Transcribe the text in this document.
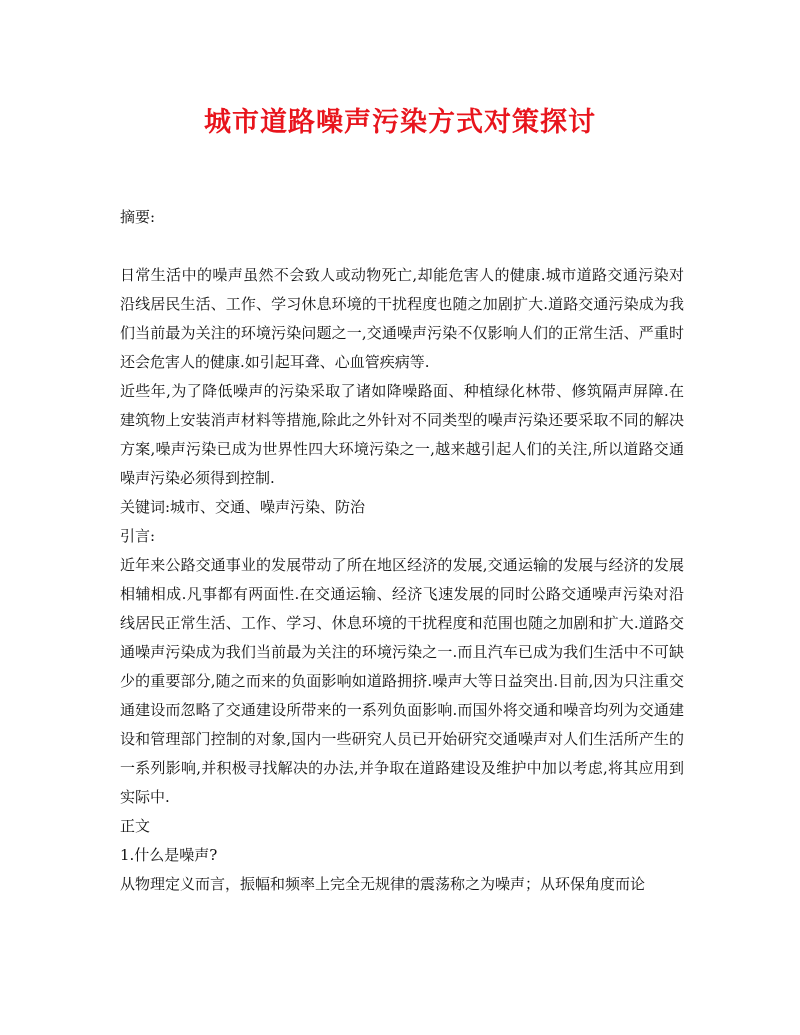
城市道路噪声污染方式对策探讨

摘要:

日常生活中的噪声虽然不会致人或动物死亡,却能危害人的健康.城市道路交通污染对沿线居民生活、工作、学习休息环境的干扰程度也随之加剧扩大.道路交通污染成为我们当前最为关注的环境污染问题之一,交通噪声污染不仅影响人们的正常生活、严重时还会危害人的健康.如引起耳聋、心血管疾病等.

近些年,为了降低噪声的污染采取了诸如降噪路面、种植绿化林带、修筑隔声屏障.在建筑物上安装消声材料等措施,除此之外针对不同类型的噪声污染还要采取不同的解决方案,噪声污染已成为世界性四大环境污染之一,越来越引起人们的关注,所以道路交通噪声污染必须得到控制.

关键词:城市、交通、噪声污染、防治

引言:

近年来公路交通事业的发展带动了所在地区经济的发展,交通运输的发展与经济的发展相辅相成.凡事都有两面性.在交通运输、经济飞速发展的同时公路交通噪声污染对沿线居民正常生活、工作、学习、休息环境的干扰程度和范围也随之加剧和扩大.道路交通噪声污染成为我们当前最为关注的环境污染之一.而且汽车已成为我们生活中不可缺少的重要部分,随之而来的负面影响如道路拥挤.噪声大等日益突出.目前,因为只注重交通建设而忽略了交通建设所带来的一系列负面影响.而国外将交通和噪音均列为交通建设和管理部门控制的对象,国内一些研究人员已开始研究交通噪声对人们生活所产生的一系列影响,并积极寻找解决的办法,并争取在道路建设及维护中加以考虑,将其应用到实际中.

正文

1.什么是噪声?

从物理定义而言，振幅和频率上完全无规律的震荡称之为噪声；从环保角度而论
